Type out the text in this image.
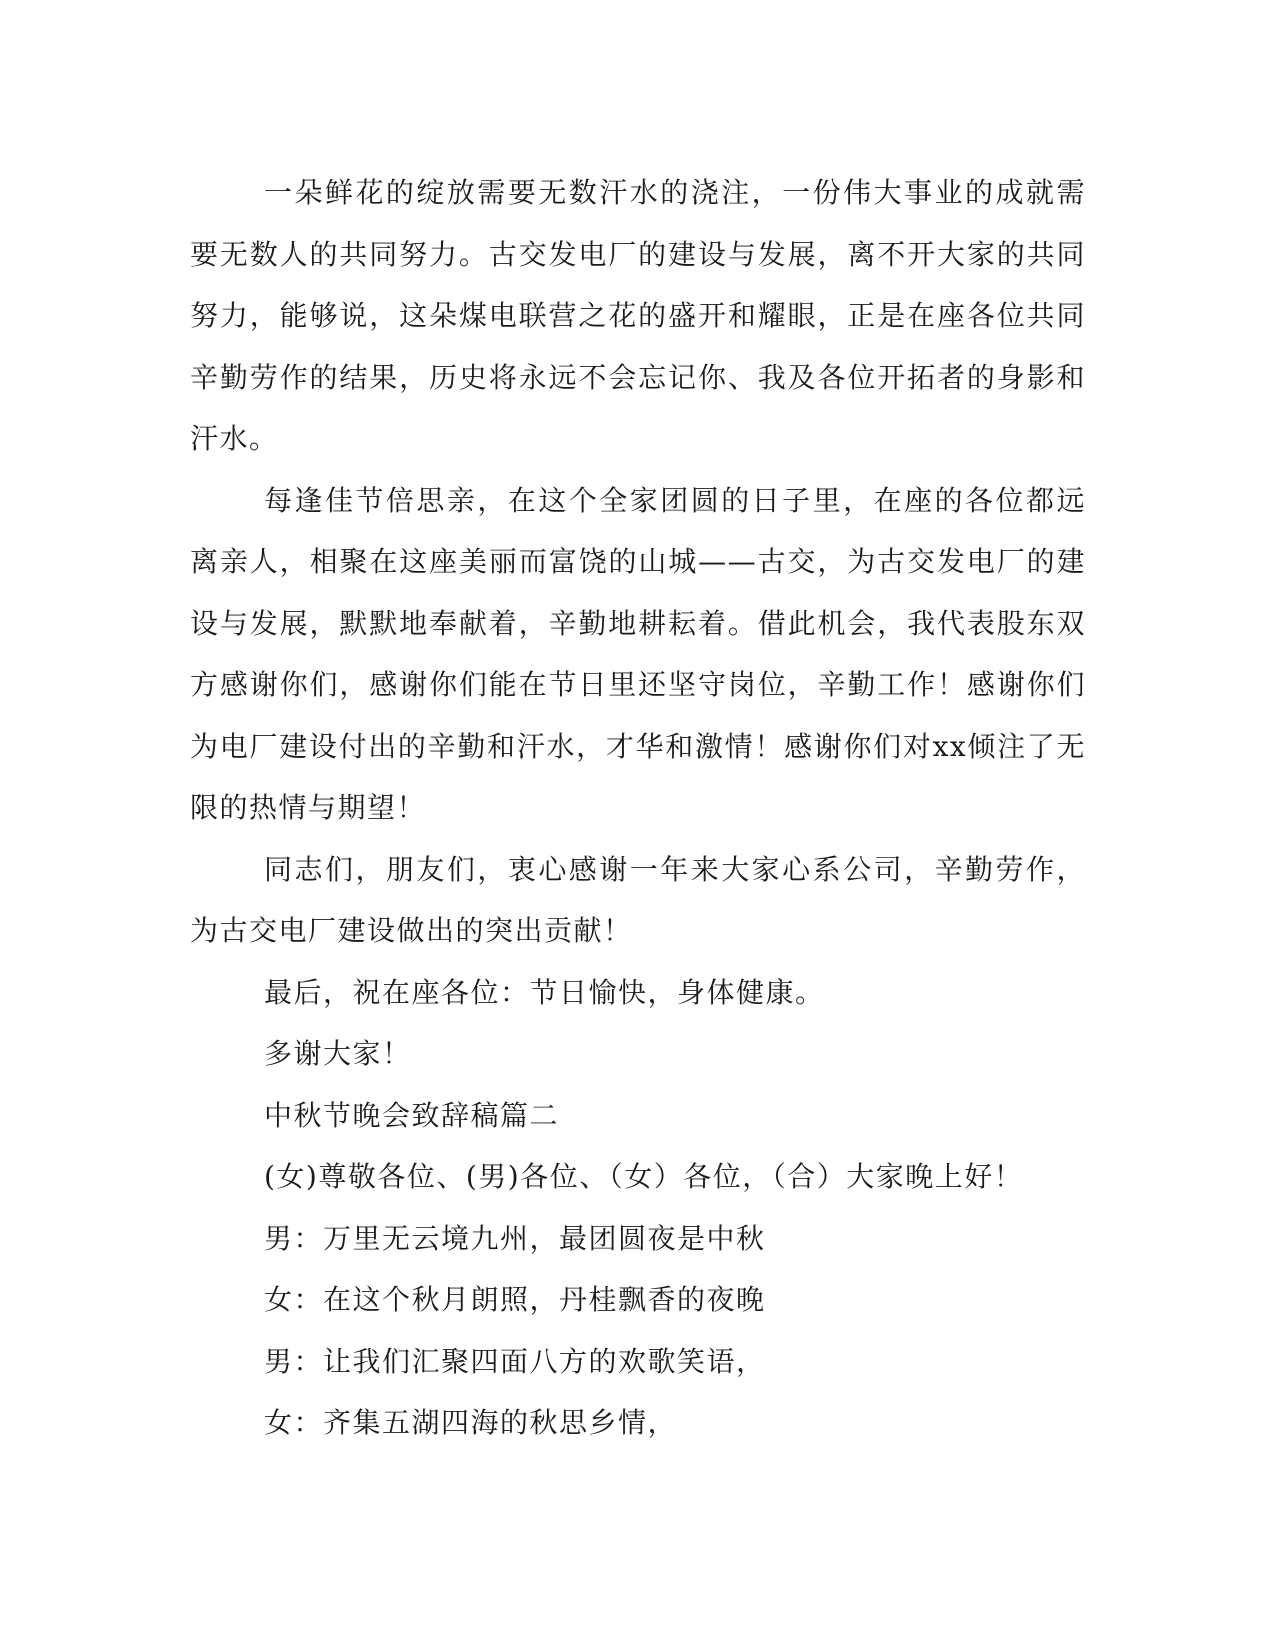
一朵鲜花的绽放需要无数汗水的浇注，一份伟大事业的成就需要无数人的共同努力。古交发电厂的建设与发展，离不开大家的共同努力，能够说，这朵煤电联营之花的盛开和耀眼，正是在座各位共同辛勤劳作的结果，历史将永远不会忘记你、我及各位开拓者的身影和汗水。

每逢佳节倍思亲，在这个全家团圆的日子里，在座的各位都远离亲人，相聚在这座美丽而富饶的山城——古交，为古交发电厂的建设与发展，默默地奉献着，辛勤地耕耘着。借此机会，我代表股东双方感谢你们，感谢你们能在节日里还坚守岗位，辛勤工作！感谢你们为电厂建设付出的辛勤和汗水，才华和激情！感谢你们对xx倾注了无限的热情与期望！

同志们，朋友们，衷心感谢一年来大家心系公司，辛勤劳作，为古交电厂建设做出的突出贡献！

最后，祝在座各位：节日愉快，身体健康。

多谢大家！

中秋节晚会致辞稿篇二

(女)尊敬各位、(男)各位、（女）各位，（合）大家晚上好！

男：万里无云境九州，最团圆夜是中秋

女：在这个秋月朗照，丹桂飘香的夜晚

男：让我们汇聚四面八方的欢歌笑语，

女：齐集五湖四海的秋思乡情，
